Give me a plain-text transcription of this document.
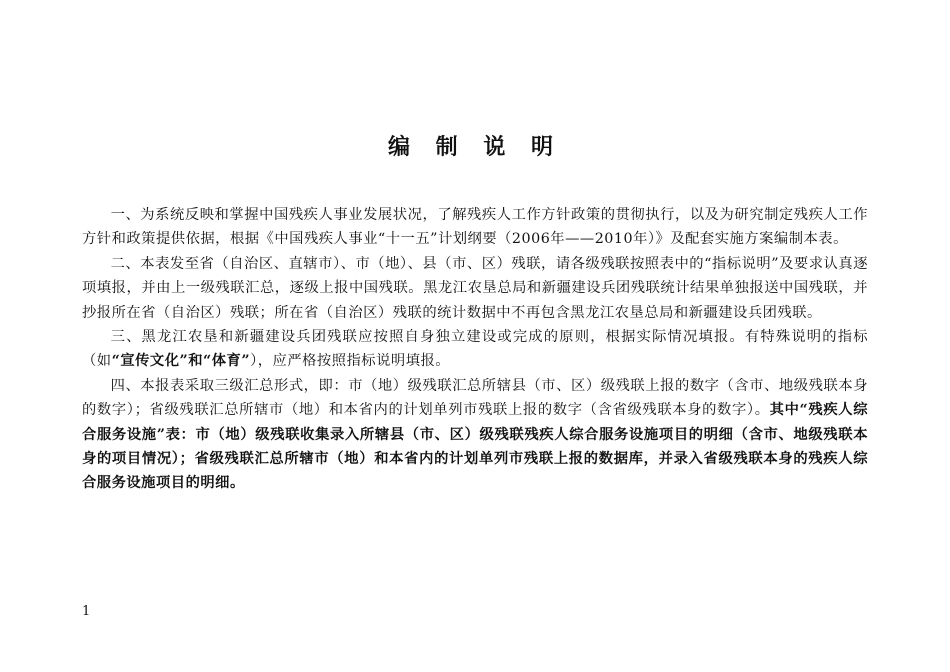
编 制 说 明

一、为系统反映和掌握中国残疾人事业发展状况，了解残疾人工作方针政策的贯彻执行，以及为研究制定残疾人工作方针和政策提供依据，根据《中国残疾人事业“十一五”计划纲要（2006年——2010年）》及配套实施方案编制本表。

二、本表发至省（自治区、直辖市）、市（地）、县（市、区）残联，请各级残联按照表中的“指标说明”及要求认真逐项填报，并由上一级残联汇总，逐级上报中国残联。黑龙江农垦总局和新疆建设兵团残联统计结果单独报送中国残联，并抄报所在省（自治区）残联；所在省（自治区）残联的统计数据中不再包含黑龙江农垦总局和新疆建设兵团残联。

三、黑龙江农垦和新疆建设兵团残联应按照自身独立建设或完成的原则，根据实际情况填报。有特殊说明的指标（如“宣传文化”和“体育”），应严格按照指标说明填报。

四、本报表采取三级汇总形式，即：市（地）级残联汇总所辖县（市、区）级残联上报的数字（含市、地级残联本身的数字）；省级残联汇总所辖市（地）和本省内的计划单列市残联上报的数字（含省级残联本身的数字）。其中“残疾人综合服务设施”表：市（地）级残联收集录入所辖县（市、区）级残联残疾人综合服务设施项目的明细（含市、地级残联本身的项目情况）；省级残联汇总所辖市（地）和本省内的计划单列市残联上报的数据库，并录入省级残联本身的残疾人综合服务设施项目的明细。

1
